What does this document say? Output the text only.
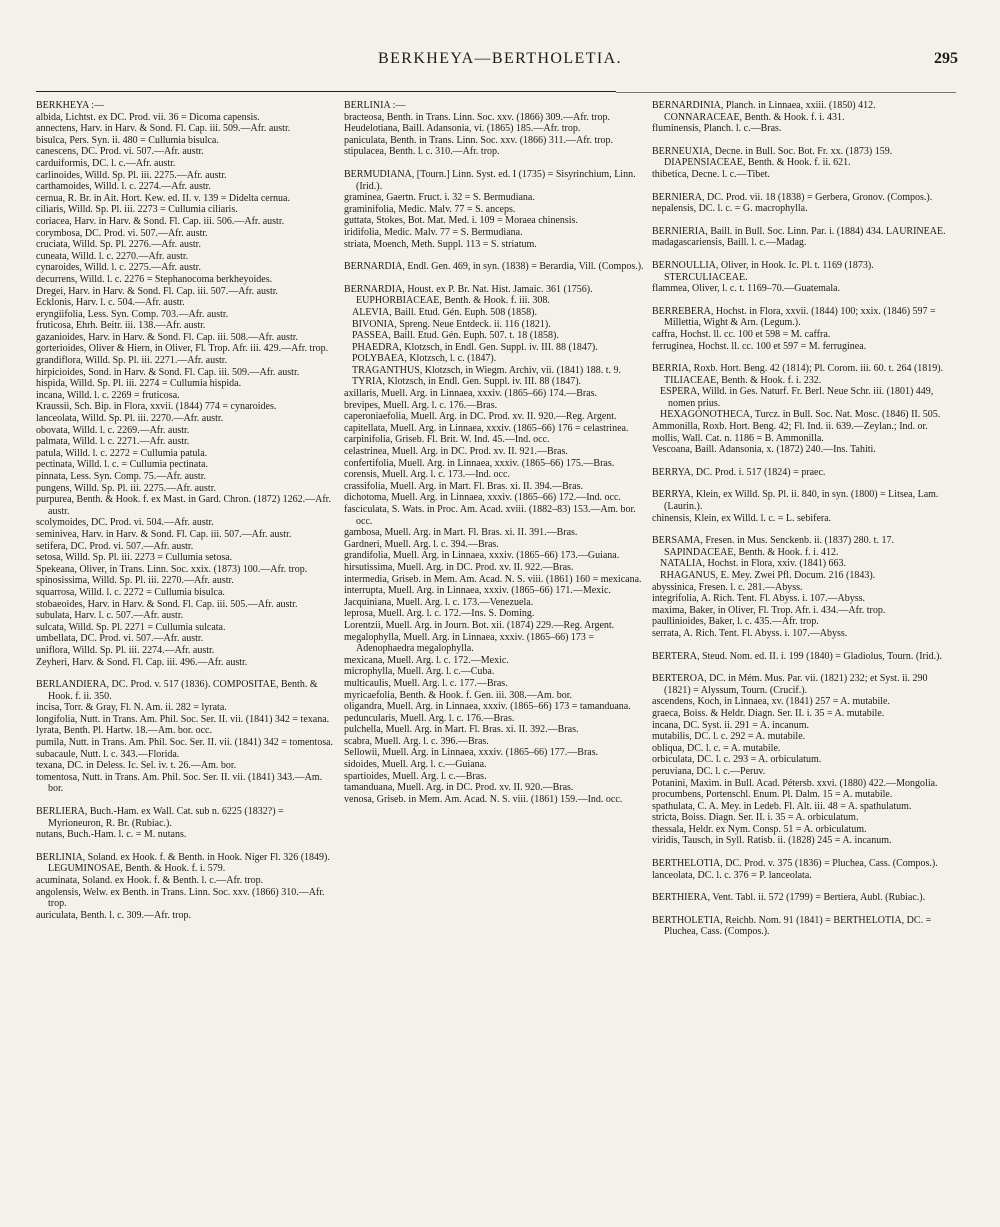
BERKHEYA—BERTHOLETIA.	295
BERKHEYA :—
albida, Lichtst. ex DC. Prod. vii. 36 = Dicoma capensis.
annectens, Harv. in Harv. & Sond. Fl. Cap. iii. 509.—Afr. austr.
bisulca, Pers. Syn. ii. 480 = Cullumia bisulca.
canescens, DC. Prod. vi. 507.—Afr. austr.
carduiformis, DC. l. c.—Afr. austr.
carlinoides, Willd. Sp. Pl. iii. 2275.—Afr. austr.
carthamoides, Willd. l. c. 2274.—Afr. austr.
cernua, R. Br. in Ait. Hort. Kew. ed. II. v. 139 = Didelta cernua.
ciliaris, Willd. Sp. Pl. iii. 2273 = Cullumia ciliaris.
coriacea, Harv. in Harv. & Sond. Fl. Cap. iii. 506.—Afr. austr.
corymbosa, DC. Prod. vi. 507.—Afr. austr.
cruciata, Willd. Sp. Pl. 2276.—Afr. austr.
cuneata, Willd. l. c. 2270.—Afr. austr.
cynaroides, Willd. l. c. 2275.—Afr. austr.
decurrens, Willd. l. c. 2276 = Stephanocoma berkheyoides.
Dregei, Harv. in Harv. & Sond. Fl. Cap. iii. 507.—Afr. austr.
Ecklonis, Harv. l. c. 504.—Afr. austr.
eryngiifolia, Less. Syn. Comp. 703.—Afr. austr.
fruticosa, Ehrh. Beitr. iii. 138.—Afr. austr.
gazanioides, Harv. in Harv. & Sond. Fl. Cap. iii. 508.—Afr. austr.
gorterioides, Oliver & Hiern, in Oliver, Fl. Trop. Afr. iii. 429.—Afr. trop.
grandiflora, Willd. Sp. Pl. iii. 2271.—Afr. austr.
hirpicioides, Sond. in Harv. & Sond. Fl. Cap. iii. 509.—Afr. austr.
hispida, Willd. Sp. Pl. iii. 2274 = Cullumia hispida.
incana, Willd. l. c. 2269 = fruticosa.
Kraussii, Sch. Bip. in Flora, xxvii. (1844) 774 = cynaroides.
lanceolata, Willd. Sp. Pl. iii. 2270.—Afr. austr.
obovata, Willd. l. c. 2269.—Afr. austr.
palmata, Willd. l. c. 2271.—Afr. austr.
patula, Willd. l. c. 2272 = Cullumia patula.
pectinata, Willd. l. c. = Cullumia pectinata.
pinnata, Less. Syn. Comp. 75.—Afr. austr.
pungens, Willd. Sp. Pl. iii. 2275.—Afr. austr.
purpurea, Benth. & Hook. f. ex Mast. in Gard. Chron. (1872) 1262.—Afr. austr.
scolymoides, DC. Prod. vi. 504.—Afr. austr.
seminivea, Harv. in Harv. & Sond. Fl. Cap. iii. 507.—Afr. austr.
setifera, DC. Prod. vi. 507.—Afr. austr.
setosa, Willd. Sp. Pl. iii. 2273 = Cullumia setosa.
Spekeana, Oliver, in Trans. Linn. Soc. xxix. (1873) 100.—Afr. trop.
spinosissima, Willd. Sp. Pl. iii. 2270.—Afr. austr.
squarrosa, Willd. l. c. 2272 = Cullumia bisulca.
stobaeoides, Harv. in Harv. & Sond. Fl. Cap. iii. 505.—Afr. austr.
subulata, Harv. l. c. 507.—Afr. austr.
sulcata, Willd. Sp. Pl. 2271 = Cullumia sulcata.
umbellata, DC. Prod. vi. 507.—Afr. austr.
uniflora, Willd. Sp. Pl. iii. 2274.—Afr. austr.
Zeyheri, Harv. & Sond. Fl. Cap. iii. 496.—Afr. austr.
BERLANDIERA, DC. Prod. v. 517 (1836). COMPOSITAE, Benth. & Hook. f. ii. 350.
incisa, Torr. & Gray, Fl. N. Am. ii. 282 = lyrata.
longifolia, Nutt. in Trans. Am. Phil. Soc. Ser. II. vii. (1841) 342 = texana.
lyrata, Benth. Pl. Hartw. 18.—Am. bor. occ.
pumila, Nutt. in Trans. Am. Phil. Soc. Ser. II. vii. (1841) 342 = tomentosa.
subacaule, Nutt. l. c. 343.—Florida.
texana, DC. in Deless. Ic. Sel. iv. t. 26.—Am. bor.
tomentosa, Nutt. in Trans. Am. Phil. Soc. Ser. II. vii. (1841) 343.—Am. bor.
BERLIERA, Buch.-Ham. ex Wall. Cat. sub n. 6225 (1832?) = Myrioneuron, R. Br. (Rubiac.).
nutans, Buch.-Ham. l. c. = M. nutans.
BERLINIA, Soland. ex Hook. f. & Benth. in Hook. Niger Fl. 326 (1849). LEGUMINOSAE, Benth. & Hook. f. i. 579.
acuminata, Soland. ex Hook. f. & Benth. l. c.—Afr. trop.
angolensis, Welw. ex Benth. in Trans. Linn. Soc. xxv. (1866) 310.—Afr. trop.
auriculata, Benth. l. c. 309.—Afr. trop.
BERLINIA :—
bracteosa, Benth. in Trans. Linn. Soc. xxv. (1866) 309.—Afr. trop.
Heudelotiana, Baill. Adansonia, vi. (1865) 185.—Afr. trop.
paniculata, Benth. in Trans. Linn. Soc. xxv. (1866) 311.—Afr. trop.
stipulacea, Benth. l. c. 310.—Afr. trop.
BERMUDIANA, [Tourn.] Linn. Syst. ed. I (1735) = Sisyrinchium, Linn. (Irid.).
graminea, Gaertn. Fruct. i. 32 = S. Bermudiana.
graminifolia, Medic. Malv. 77 = S. anceps.
guttata, Stokes, Bot. Mat. Med. i. 109 = Moraea chinensis.
iridifolia, Medic. Malv. 77 = S. Bermudiana.
striata, Moench, Meth. Suppl. 113 = S. striatum.
BERNARDIA, Endl. Gen. 469, in syn. (1838) = Berardia, Vill. (Compos.).
BERNARDIA, Houst. ex P. Br. Nat. Hist. Jamaic. 361 (1756). EUPHORBIACEAE, Benth. & Hook. f. iii. 308.
ALEVIA, Baill. Etud. Gén. Euph. 508 (1858).
BIVONIA, Spreng. Neue Entdeck. ii. 116 (1821).
PASSEA, Baill. Etud. Gén. Euph. 507. t. 18 (1858).
PHAEDRA, Klotzsch, in Endl. Gen. Suppl. iv. III. 88 (1847).
POLYBAEA, Klotzsch, l. c. (1847).
TRAGANTHUS, Klotzsch, in Wiegm. Archiv, vii. (1841) 188. t. 9.
TYRIA, Klotzsch, in Endl. Gen. Suppl. iv. III. 88 (1847).
axillaris, Muell. Arg. in Linnaea, xxxiv. (1865–66) 174.—Bras.
brevipes, Muell. Arg. l. c. 176.—Bras.
caperoniaefolia, Muell. Arg. in DC. Prod. xv. II. 920.—Reg. Argent.
capitellata, Muell. Arg. in Linnaea, xxxiv. (1865–66) 176 = celastrinea.
carpinifolia, Griseb. Fl. Brit. W. Ind. 45.—Ind. occ.
celastrinea, Muell. Arg. in DC. Prod. xv. II. 921.—Bras.
confertifolia, Muell. Arg. in Linnaea, xxxiv. (1865–66) 175.—Bras.
corensis, Muell. Arg. l. c. 173.—Ind. occ.
crassifolia, Muell. Arg. in Mart. Fl. Bras. xi. II. 394.—Bras.
dichotoma, Muell. Arg. in Linnaea, xxxiv. (1865–66) 172.—Ind. occ.
fasciculata, S. Wats. in Proc. Am. Acad. xviii. (1882–83) 153.—Am. bor. occ.
gambosa, Muell. Arg. in Mart. Fl. Bras. xi. II. 391.—Bras.
Gardneri, Muell. Arg. l. c. 394.—Bras.
grandifolia, Muell. Arg. in Linnaea, xxxiv. (1865–66) 173.—Guiana.
hirsutissima, Muell. Arg. in DC. Prod. xv. II. 922.—Bras.
intermedia, Griseb. in Mem. Am. Acad. N. S. viii. (1861) 160 = mexicana.
interrupta, Muell. Arg. in Linnaea, xxxiv. (1865–66) 171.—Mexic.
Jacquiniana, Muell. Arg. l. c. 173.—Venezuela.
leprosa, Muell. Arg. l. c. 172.—Ins. S. Doming.
Lorentzii, Muell. Arg. in Journ. Bot. xii. (1874) 229.—Reg. Argent.
megalophylla, Muell. Arg. in Linnaea, xxxiv. (1865–66) 173 = Adenophaedra megalophylla.
mexicana, Muell. Arg. l. c. 172.—Mexic.
microphylla, Muell. Arg. l. c.—Cuba.
multicaulis, Muell. Arg. l. c. 177.—Bras.
myricaefolia, Benth. & Hook. f. Gen. iii. 308.—Am. bor.
oligandra, Muell. Arg. in Linnaea, xxxiv. (1865–66) 173 = tamanduana.
peduncularis, Muell. Arg. l. c. 176.—Bras.
pulchella, Muell. Arg. in Mart. Fl. Bras. xi. II. 392.—Bras.
scabra, Muell. Arg. l. c. 396.—Bras.
Sellowii, Muell. Arg. in Linnaea, xxxiv. (1865–66) 177.—Bras.
sidoides, Muell. Arg. l. c.—Guiana.
spartioides, Muell. Arg. l. c.—Bras.
tamanduana, Muell. Arg. in DC. Prod. xv. II. 920.—Bras.
venosa, Griseb. in Mem. Am. Acad. N. S. viii. (1861) 159.—Ind. occ.
BERNARDINIA, Planch. in Linnaea, xxiii. (1850) 412. CONNARACEAE, Benth. & Hook. f. i. 431.
fluminensis, Planch. l. c.—Bras.
BERNEUXIA, Decne. in Bull. Soc. Bot. Fr. xx. (1873) 159. DIAPENSIACEAE, Benth. & Hook. f. ii. 621.
thibetica, Decne. l. c.—Tibet.
BERNIERA, DC. Prod. vii. 18 (1838) = Gerbera, Gronov. (Compos.).
nepalensis, DC. l. c. = G. macrophylla.
BERNIERIA, Baill. in Bull. Soc. Linn. Par. i. (1884) 434. LAURINEAE.
madagascariensis, Baill. l. c.—Madag.
BERNOULLIA, Oliver, in Hook. Ic. Pl. t. 1169 (1873). STERCULIACEAE.
flammea, Oliver, l. c. t. 1169–70.—Guatemala.
BERREBERA, Hochst. in Flora, xxvii. (1844) 100; xxix. (1846) 597 = Millettia, Wight & Arn. (Legum.).
caffra, Hochst. ll. cc. 100 et 598 = M. caffra.
ferruginea, Hochst. ll. cc. 100 et 597 = M. ferruginea.
BERRIA, Roxb. Hort. Beng. 42 (1814); Pl. Corom. iii. 60. t. 264 (1819). TILIACEAE, Benth. & Hook. f. i. 232.
ESPERA, Willd. in Ges. Naturf. Fr. Berl. Neue Schr. iii. (1801) 449, nomen prius.
HEXAGONOTHECA, Turcz. in Bull. Soc. Nat. Mosc. (1846) II. 505.
Ammonilla, Roxb. Hort. Beng. 42; Fl. Ind. ii. 639.—Zeylan.; Ind. or.
mollis, Wall. Cat. n. 1186 = B. Ammonilla.
Vescoana, Baill. Adansonia, x. (1872) 240.—Ins. Tahiti.
BERRYA, DC. Prod. i. 517 (1824) = praec.
BERRYA, Klein, ex Willd. Sp. Pl. ii. 840, in syn. (1800) = Litsea, Lam. (Laurin.).
chinensis, Klein, ex Willd. l. c. = L. sebifera.
BERSAMA, Fresen. in Mus. Senckenb. ii. (1837) 280. t. 17. SAPINDACEAE, Benth. & Hook. f. i. 412.
NATALIA, Hochst. in Flora, xxiv. (1841) 663.
RHAGANUS, E. Mey. Zwei Pfl. Docum. 216 (1843).
abyssinica, Fresen. l. c. 281.—Abyss.
integrifolia, A. Rich. Tent. Fl. Abyss. i. 107.—Abyss.
maxima, Baker, in Oliver, Fl. Trop. Afr. i. 434.—Afr. trop.
paullinioides, Baker, l. c. 435.—Afr. trop.
serrata, A. Rich. Tent. Fl. Abyss. i. 107.—Abyss.
BERTERA, Steud. Nom. ed. II. i. 199 (1840) = Gladiolus, Tourn. (Irid.).
BERTEROA, DC. in Mém. Mus. Par. vii. (1821) 232; et Syst. ii. 290 (1821) = Alyssum, Tourn. (Crucif.).
ascendens, Koch, in Linnaea, xv. (1841) 257 = A. mutabile.
graeca, Boiss. & Heldr. Diagn. Ser. II. i. 35 = A. mutabile.
incana, DC. Syst. ii. 291 = A. incanum.
mutabilis, DC. l. c. 292 = A. mutabile.
obliqua, DC. l. c. = A. mutabile.
orbiculata, DC. l. c. 293 = A. orbiculatum.
peruviana, DC. l. c.—Peruv.
Potanini, Maxim. in Bull. Acad. Pétersb. xxvi. (1880) 422.—Mongolia.
procumbens, Portenschl. Enum. Pl. Dalm. 15 = A. mutabile.
spathulata, C. A. Mey. in Ledeb. Fl. Alt. iii. 48 = A. spathulatum.
stricta, Boiss. Diagn. Ser. II. i. 35 = A. orbiculatum.
thessala, Heldr. ex Nym. Consp. 51 = A. orbiculatum.
viridis, Tausch, in Syll. Ratisb. ii. (1828) 245 = A. incanum.
BERTHELOTIA, DC. Prod. v. 375 (1836) = Pluchea, Cass. (Compos.).
lanceolata, DC. l. c. 376 = P. lanceolata.
BERTHIERA, Vent. Tabl. ii. 572 (1799) = Bertiera, Aubl. (Rubiac.).
BERTHOLETIA, Reichb. Nom. 91 (1841) = BERTHELOTIA, DC. = Pluchea, Cass. (Compos.).
